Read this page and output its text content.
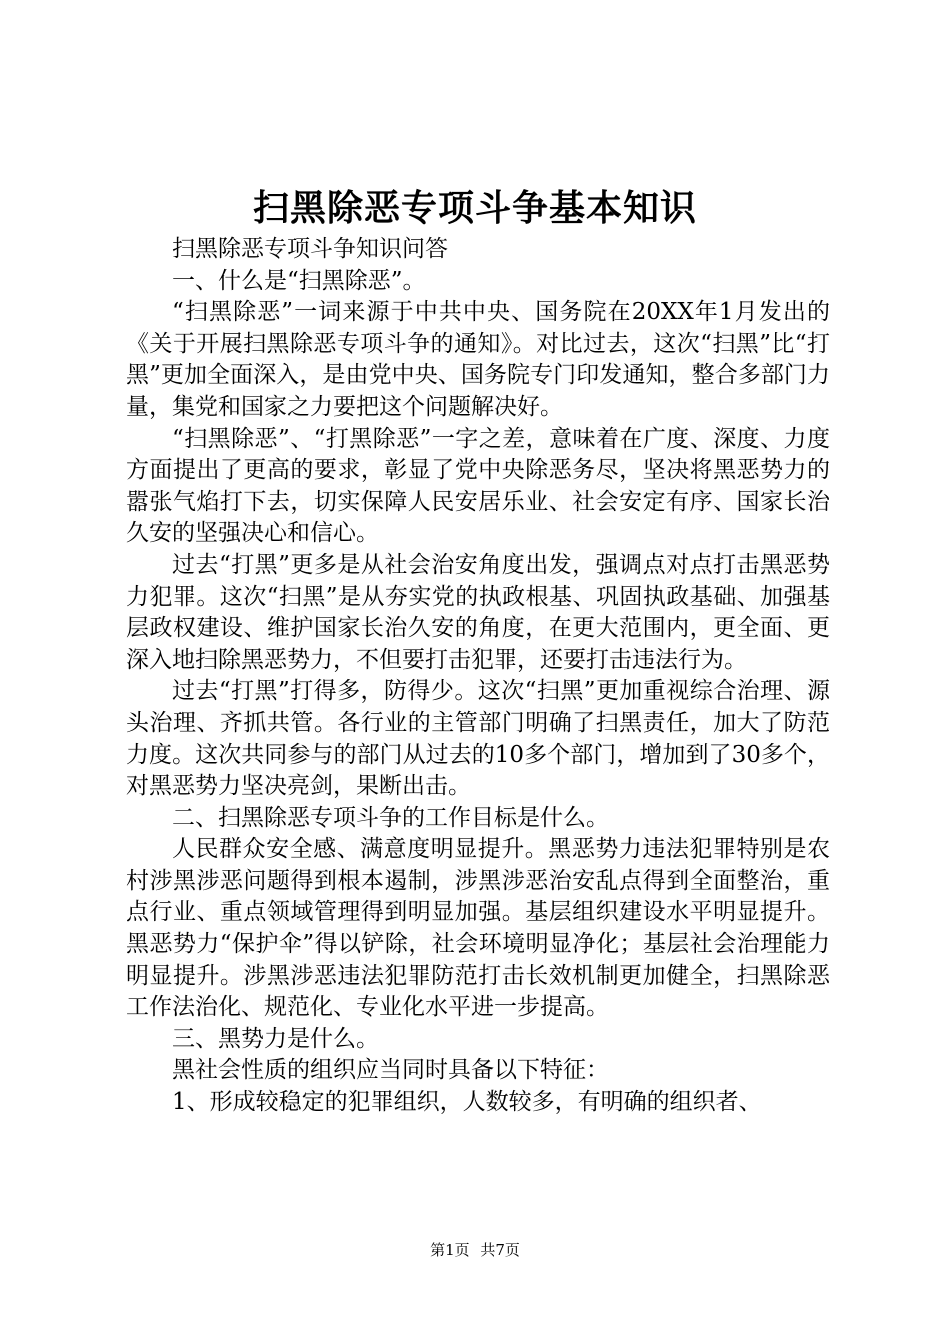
扫黑除恶专项斗争基本知识

扫黑除恶专项斗争知识问答

一、什么是“扫黑除恶”。

“扫黑除恶”一词来源于中共中央、国务院在20XX年1月发出的《关于开展扫黑除恶专项斗争的通知》。对比过去，这次“扫黑”比“打黑”更加全面深入，是由党中央、国务院专门印发通知，整合多部门力量，集党和国家之力要把这个问题解决好。

“扫黑除恶”、“打黑除恶”一字之差，意味着在广度、深度、力度方面提出了更高的要求，彰显了党中央除恶务尽，坚决将黑恶势力的嚣张气焰打下去，切实保障人民安居乐业、社会安定有序、国家长治久安的坚强决心和信心。

过去“打黑”更多是从社会治安角度出发，强调点对点打击黑恶势力犯罪。这次“扫黑”是从夯实党的执政根基、巩固执政基础、加强基层政权建设、维护国家长治久安的角度，在更大范围内，更全面、更深入地扫除黑恶势力，不但要打击犯罪，还要打击违法行为。

过去“打黑”打得多，防得少。这次“扫黑”更加重视综合治理、源头治理、齐抓共管。各行业的主管部门明确了扫黑责任，加大了防范力度。这次共同参与的部门从过去的10多个部门，增加到了30多个，对黑恶势力坚决亮剑，果断出击。

二、扫黑除恶专项斗争的工作目标是什么。

人民群众安全感、满意度明显提升。黑恶势力违法犯罪特别是农村涉黑涉恶问题得到根本遏制，涉黑涉恶治安乱点得到全面整治，重点行业、重点领域管理得到明显加强。基层组织建设水平明显提升。黑恶势力“保护伞”得以铲除，社会环境明显净化；基层社会治理能力明显提升。涉黑涉恶违法犯罪防范打击长效机制更加健全，扫黑除恶工作法治化、规范化、专业化水平进一步提高。

三、黑势力是什么。

黑社会性质的组织应当同时具备以下特征：

1、形成较稳定的犯罪组织，人数较多，有明确的组织者、

第1页 共7页
